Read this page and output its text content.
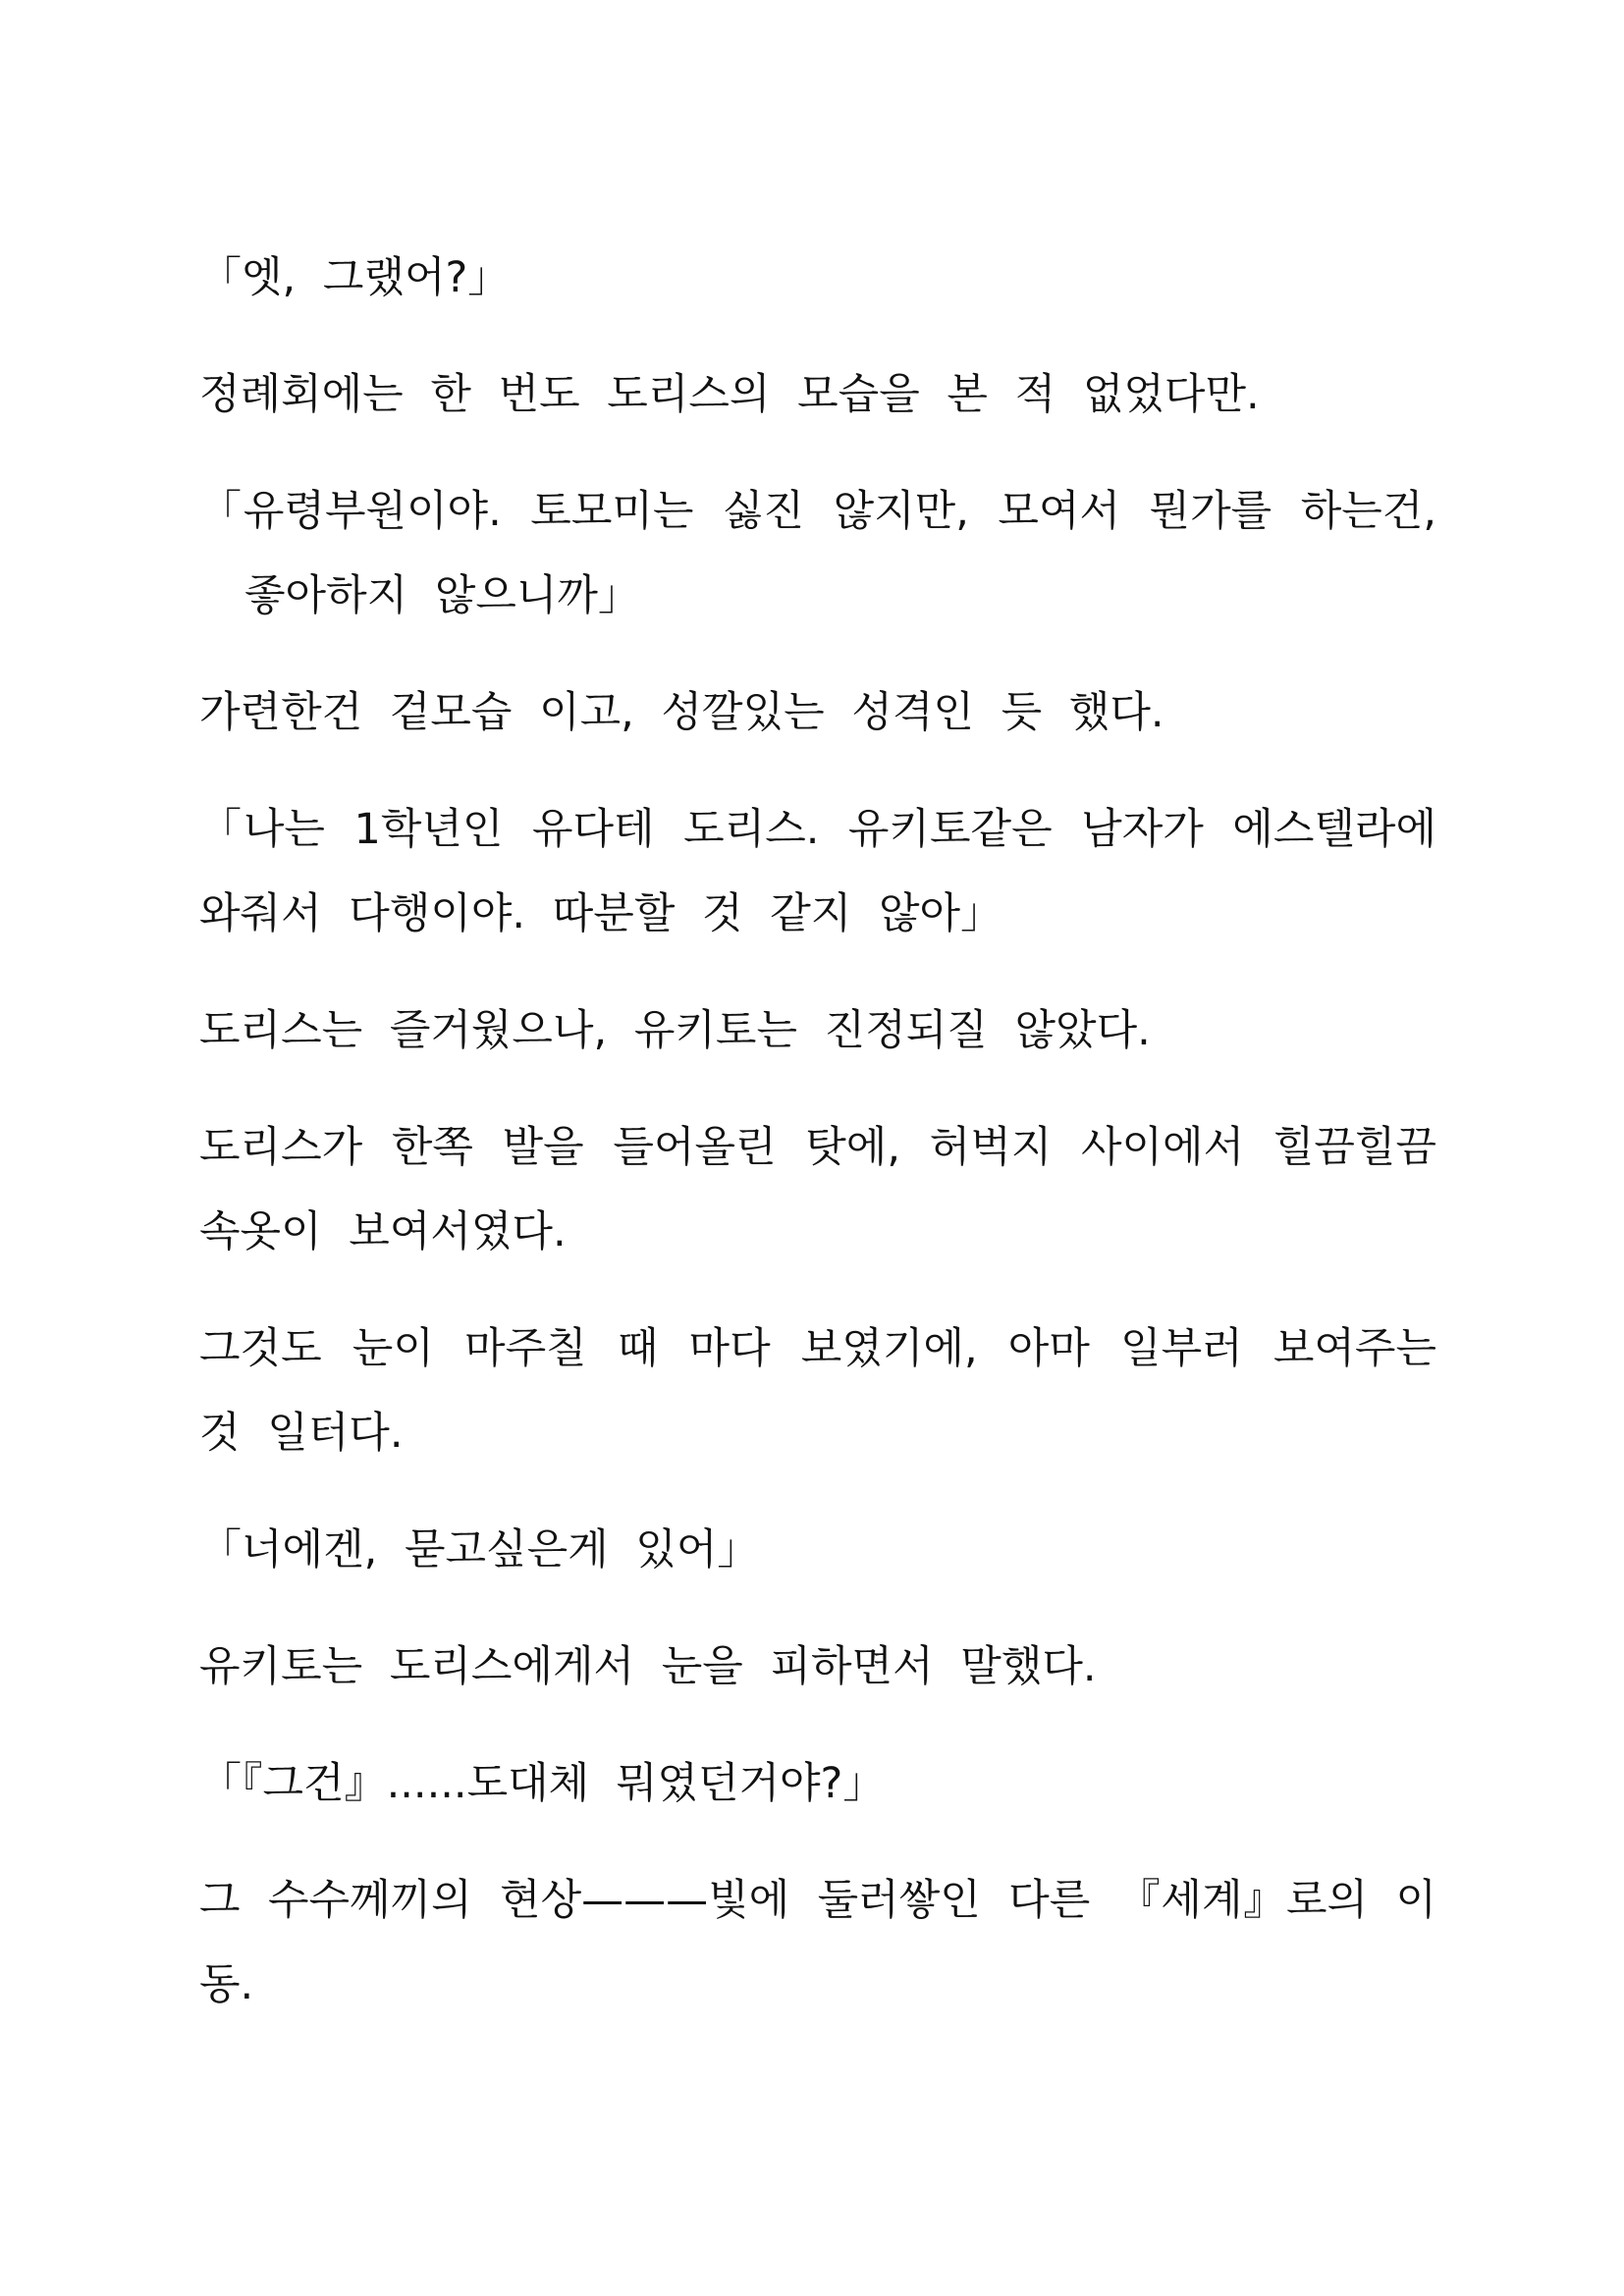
「엣, 그랬어?」

정례회에는 한 번도 도리스의 모습을 본 적 없었다만.

「유령부원이야. 토모미는 싫진 않지만, 모여서 뭔가를 하는건, 좋아하지 않으니까」

가련한건 겉모습 이고, 성깔있는 성격인 듯 했다.

「나는 1학년인 유다테 도리스. 유키토같은 남자가 에스텔라에 와줘서 다행이야. 따분할 것 같지 않아」

도리스는 즐거웠으나, 유키토는 진정되질 않았다.

도리스가 한쪽 발을 들어올린 탓에, 허벅지 사이에서 힐끔힐끔 속옷이 보여서였다.

그것도 눈이 마주칠 때 마다 보였기에, 아마 일부러 보여주는 것 일터다.

「너에겐, 묻고싶은게 있어」

유키토는 도리스에게서 눈을 피하면서 말했다.

「『그건』......도대체 뭐였던거야?」

그 수수께끼의 현상———빛에 둘러쌓인 다른 『세계』로의 이동.
